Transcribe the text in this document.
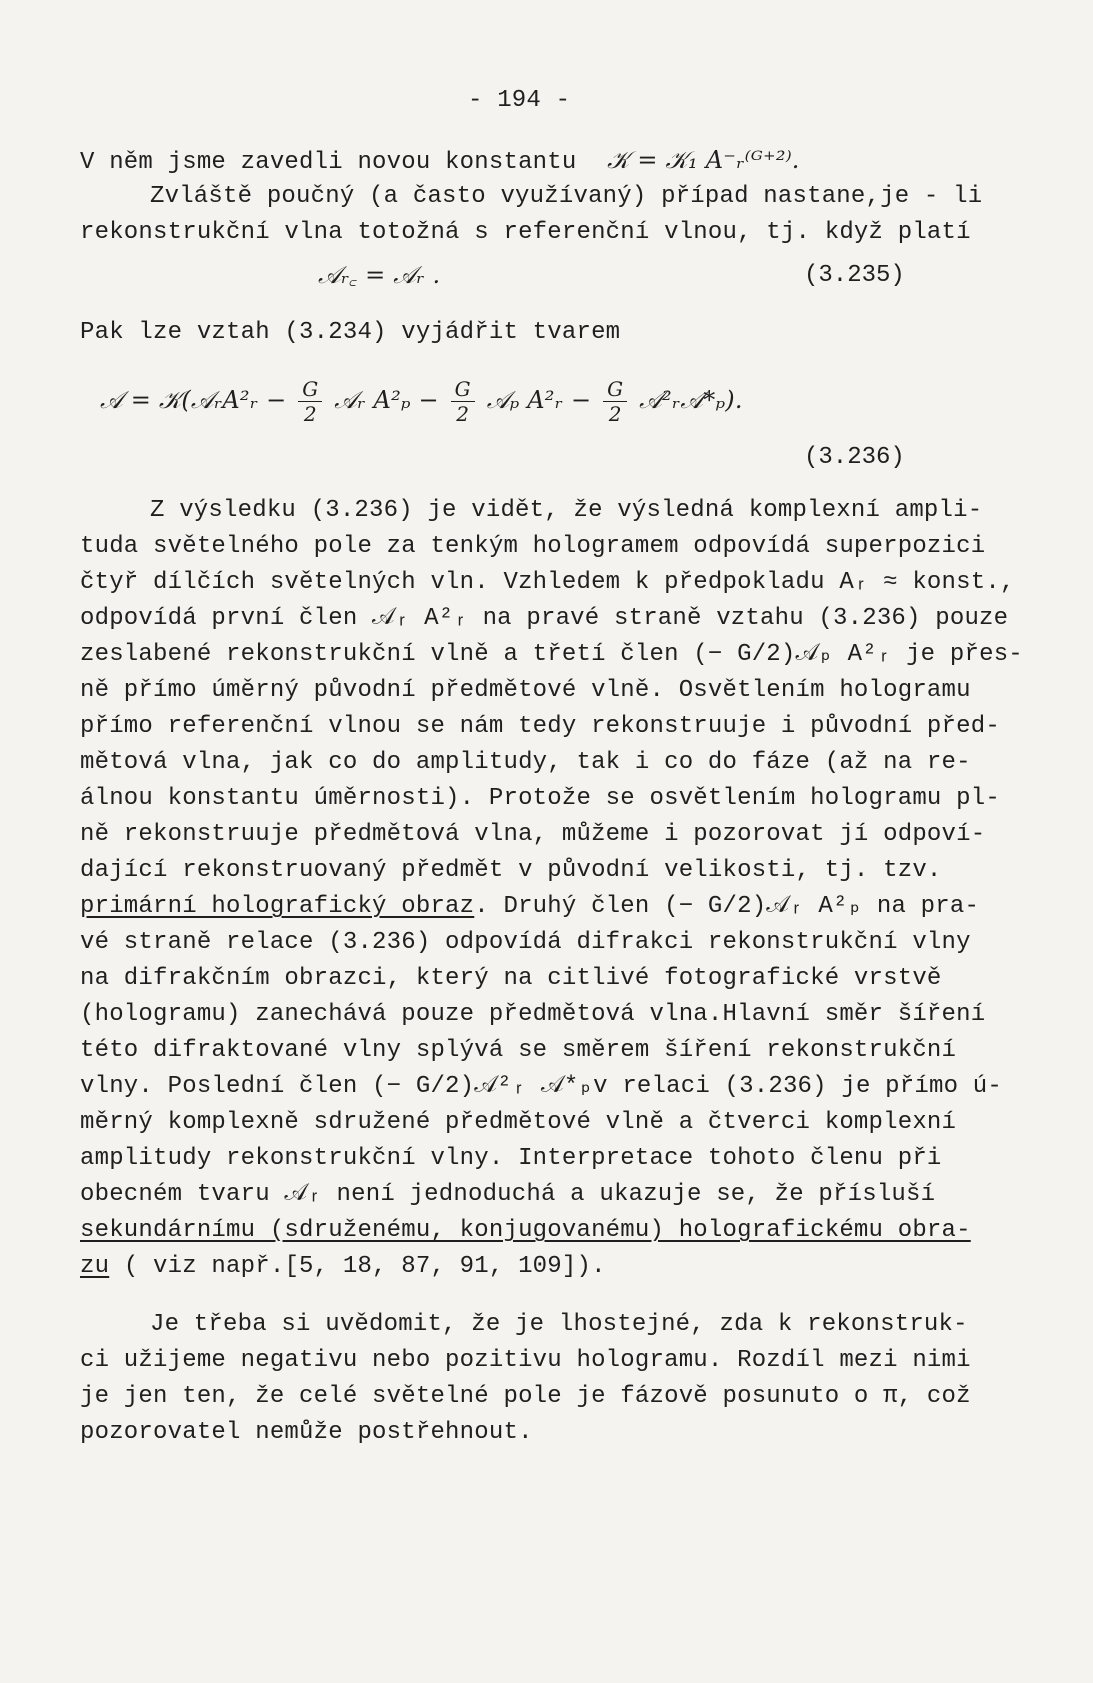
- 194 -
V něm jsme zavedli novou konstantu 𝒦 = 𝒦₁ A⁻ᵣ⁽ᴳ⁺²⁾.
Zvláště poučný (a často využívaný) případ nastane,je - li
rekonstrukční vlna totožná s referenční vlnou, tj. když platí
𝒜ᵣ꜀ = 𝒜ᵣ .	(3.235)
Pak lze vztah (3.234) vyjádřit tvarem
𝒜 = 𝒦(𝒜ᵣA²ᵣ − $\frac{G}{2}$ 𝒜ᵣ $A^2_p - \frac{G}{2}$ 𝒜ₚ A²ᵣ − $\frac{G}{2}$ 𝒜²ᵣ𝒜*ₚ).
(3.236)
Z výsledku (3.236) je vidět, že výsledná komplexní ampli-
tuda světelného pole za tenkým hologramem odpovídá superpozici
čtyř dílčích světelných vln. Vzhledem k předpokladu Aᵣ ≈ konst.,
odpovídá první člen 𝒜ᵣ A²ᵣ na pravé straně vztahu (3.236) pouze
zeslabené rekonstrukční vlně a třetí člen (− G/2)𝒜ₚ A²ᵣ je přes-
ně přímo úměrný původní předmětové vlně. Osvětlením hologramu
přímo referenční vlnou se nám tedy rekonstruuje i původní před-
mětová vlna, jak co do amplitudy, tak i co do fáze (až na re-
álnou konstantu úměrnosti). Protože se osvětlením hologramu pl-
ně rekonstruuje předmětová vlna, můžeme i pozorovat jí odpoví-
dající rekonstruovaný předmět v původní velikosti, tj. tzv.
primární holografický obraz. Druhý člen (− G/2)𝒜ᵣ A²ₚ na pra-
vé straně relace (3.236) odpovídá difrakci rekonstrukční vlny
na difrakčním obrazci, který na citlivé fotografické vrstvě
(hologramu) zanechává pouze předmětová vlna.Hlavní směr šíření
této difraktované vlny splývá se směrem šíření rekonstrukční
vlny. Poslední člen (− G/2)𝒜²ᵣ 𝒜*ₚv relaci (3.236) je přímo ú-
měrný komplexně sdružené předmětové vlně a čtverci komplexní
amplitudy rekonstrukční vlny. Interpretace tohoto členu při
obecném tvaru 𝒜ᵣ není jednoduchá a ukazuje se, že přísluší
sekundárnímu (sdruženému, konjugovanému) holografickému obra-
zu ( viz např.[5, 18, 87, 91, 109]).
Je třeba si uvědomit, že je lhostejné, zda k rekonstruk-
ci užijeme negativu nebo pozitivu hologramu. Rozdíl mezi nimi
je jen ten, že celé světelné pole je fázově posunuto o π, což
pozorovatel nemůže postřehnout.
